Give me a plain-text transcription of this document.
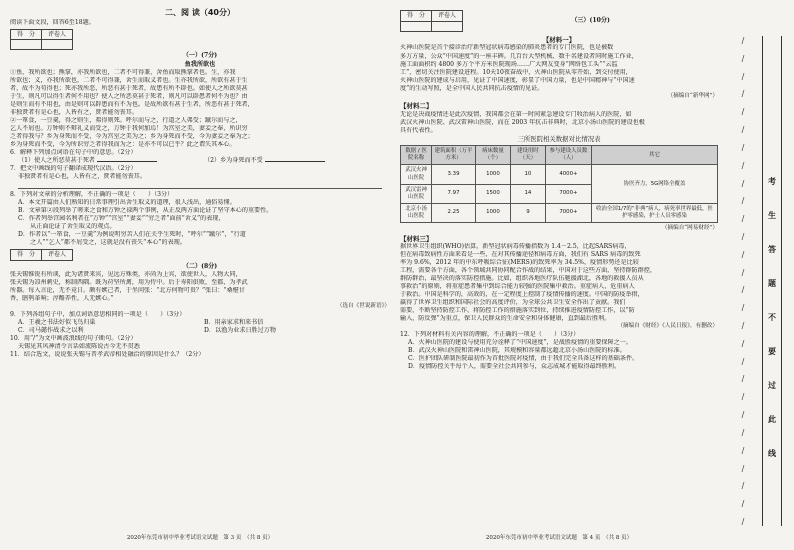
二、阅 读（40分）
阅读下面文段，回答6至18题。
得　分	评卷人

（一）(7分)
鱼我所欲也
①鱼，我所欲也；熊掌，亦我所欲也，二者不可得兼，舍鱼而取熊掌者也。生，亦我
所欲也；义，亦我所欲也，二者不可得兼，舍生而取义者也。生亦我所欲，所欲有甚于生
者，故不为苟得也；死亦我所恶，所恶有甚于死者，故患有所不辟也。如使人之所欲莫甚
于生，则凡可以得生者何不用也？使人之所恶莫甚于死者，则凡可以辟患者何不为也？由
是则生而有不用也，由是则可以辟患而有不为也。是故所欲有甚于生者，所恶有甚于死者，
非独贤者有是心也，人皆有之，贤者能勿丧耳。
②一箪食，一豆羹，得之则生，弗得则死。呼尔而与之，行道之人弗受；蹴尔而与之，
乞人不屑也。万钟则不辩礼义而受之，万钟于我何加焉！为宫室之美，妻妾之奉，所识穷
乏者得我与？乡为身死而不受，今为宫室之美为之；乡为身死而不受，今为妻妾之奉为之；
乡为身死而不受，今为所识穷乏者得我而为之：是亦不可以已乎？此之谓失其本心。
6．解释下列加点词语在句子中的意思。（2分）
（1）使人之所恶莫甚于死者	（2）乡为身死而不受
7．把文中画线的句子翻译成现代汉语。（2分）
非独贤者有是心也，人皆有之，贤者能勿丧耳。
8．下列对文章的分析理解，不正确的一项是（　　）（3分）
A．本文开篇由人们熟知的日常事理引出舍生取义的道理，很人浅出，通俗易懂。
B．文章第②段列举了嗟来之食和万钟之禄两个事例，从正反两方面论证了坚守本心的重要性。
C．作者列举宫园名利者在“万钟”“宫室”“妻妾”“穷乏者”面前“舍义”的表现，
　　从正面论证了舍生取义的观点。
D．作者以“一箪食，一豆羹”为例说明穷苦人们在关乎生死时，“呼尔”“蹴尔”，“行道
　　之人”“乞人”都不屑受之，这就是没有丧失“本心”的表现。
得　分	评卷人
（二）(8分)
张天锡惟锐有所谈，此为诸贤来宾，见远方殊类，亦尚为上宾，欲使世人，人物大同，
张天锡为凉州刺史，称制西隅。既为苻坚所禽，用为侍中。后于寿阳俱败，至都，为孝武
所器。每入言论，无不竟日。颇有嫉己者，于坐问张：“北方何物可贵？”张曰：“桑椹甘
香，鸱鸮革响；淳酪养性，人无嫉心。”
（选自《世说新语》）
9．下列各组句子中，加点词语意思相同的一项是（　　）（3分）
A．王羲之书法好似飞鸟归巢	B．用亲家求和来书信
C．司马懿作战求之以利	D．以渔为业求日胜过万物
10．用“/”为文中画波浪线的句子断句。（2分）
天锡见其风神清令言话如流陈说古今无不贯悉
11．结合选文，说说张天锡与晋孝武帝相处融洽的原因是什么？（2分）
2020年东莞市初中毕业考试语文试题　第 3 页　（共 8 页）
得　分	评卷人

（三）(10分)
【材料一】
火神山医院是首个接诊治疗新型冠状病毒感染的肺炎患者的专门医院，也是被数
多万方量，公众“中国速度”的一座丰碑。几百台大型机械、数千名建设者同时施工作业，
施工面面积约 4800 多万个平方米医院现场……广大网友变身“网络包工头”“云监
工”，密切关注医院建设进程。10天10夜奋战中，火神山医院从零开始，到交付使用，
火神山医院的建成与启用，见证了中国速度，彰显了中国力量，也是中国精神与“中国速
度”的生动写照，是全中国人民共同抗击疫情的见证。
（摘编自“新华网”）
【材料二】
无论是决战疫情还是此次疫情，我国都会在第一时间紧急建设专门收治病人的医院，如
武汉火神山医院、武汉雷神山医院，而在 2003 年抗击非典时，北京小汤山医院的建设也极
具有代表性。
三所医院相关数据对比情况表
数据 / 医院名称	建筑面积（万平方米）	病床数量（个）	建设用时（天）	参与建设人员数（人）	其它
武汉火神山医院	3.39	1000	10	4000+	协医齐力，5G网络全覆盖
武汉雷神山医院	7.97	1500	14	7000+	
北京小汤山医院	2.25	1000	9	7000+	收治全国1/7的“非典”病人，病死率世界最低，医护零感染，护士人员零感染
（摘编自“网易财经”）
【材料三】
据世界卫生组织(WHO)估算，新型冠状病毒传播指数为 1.4－2.5，比起SARS病毒，
但在病毒致病性方面来看是一些，在对其传播途径和病毒方面，我们有 SARS 病毒的致死
率为 9.6%，2012 年的中东呼吸综合征(MERS)的致死率为 34.5%，疫情形势还是比较
工程，需要各个方面，各个领域共同协同配合作战的结果，中国对于这些方面，坚持群防群控，
群防群治，最坚决的落实防控措施。比如，组织各地医疗队伍驰援湖北，各地的救援人员从
事救治”的原则，将重症患者集中到综合能力较强的医院集中救治。重症病人，危重病人
于救治。中国是科学的，高效的，在一定程度上控制了疫情传播的速度。中国的防疫举措，
赢得了世界卫生组织和国际社会的高度评价，为全球公共卫生安全作出了贡献。我们
需要，不断坚持防控工作，将防控工作的措施落实到位，持续推进疫情防控工作，以“防
输入，防反弹”为重点，保卫人民群众的生命安全和身体健康，直到最后胜利。
（摘编自《财经》《人民日报》，有删改）
12．下列对材料有关内容的理解，不正确的一项是（　　）（3分）
A．火神山医院的建设与使用充分诠释了“中国速度”，是战胜疫情的重要保障之一。
B．武汉火神山医院和雷神山医院，其规模和容量都远超北京小汤山医院的标准。
C．医护团队研制医院最初作为首批医院对疫情，由于我们完全具备这样的基础条件。
D．疫情防控关乎每个人，需要全社会共同参与，众志成城才能取得最终胜利。
2020年东莞市初中毕业考试语文试题　第 4 页　（共 8 页）
/
/
/
/
/
/
/
/
/
/
/
/
/
/
/
/
/
/
/
/
/
/
/
/
/
/
/
/
考
生
答
题
不
要
过
此
线
